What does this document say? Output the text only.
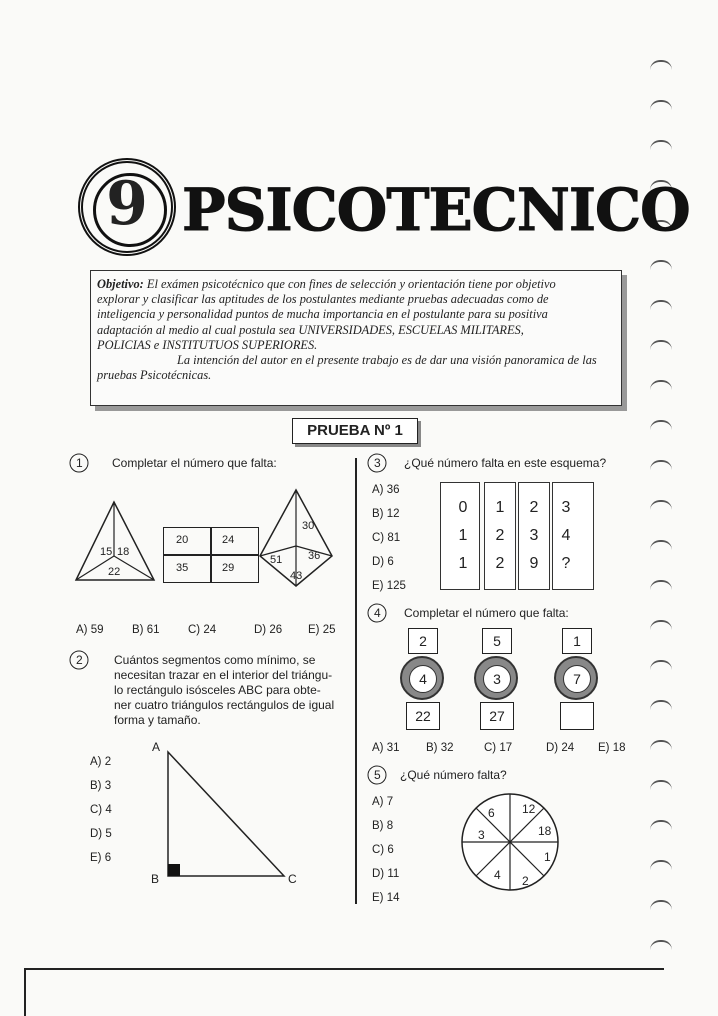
9 PSICOTECNICO
Objetivo: El exámen psicotécnico que con fines de selección y orientación tiene por objetivo
explorar y clasificar las aptitudes de los postulantes mediante pruebas adecuadas como de
inteligencia y personalidad puntos de mucha importancia en el postulante para su positiva
adaptación al medio al cual postula sea UNIVERSIDADES, ESCUELAS MILITARES,
POLICIAS e INSTITUTUOS SUPERIORES.
La intención del autor en el presente trabajo es de dar una visión panoramica de las
pruebas Psicotécnicas.
PRUEBA Nº 1
1 Completar el número que falta:
15 18
22
20	24
35	29
30
51 36
43
A) 59 B) 61 C) 24	D) 26 E) 25
2	Cuántos segmentos como mínimo, se
necesitan trazar en el interior del triángu-
lo rectángulo isósceles ABC para obte-
ner cuatro triángulos rectángulos de igual
forma y tamaño.
A) 2
B) 3
C) 4
D) 5
E) 6
A
B	C
3 ¿Qué número falta en este esquema?
A) 36
B) 12
C) 81
D) 6
E) 125
0	1	2	3
1	2	3	4
1	2	9	?
4 Completar el número que falta:
2	5	1
4	3	7
22	27
A) 31 B) 32	C) 17	D) 24 E) 18
5 ¿Qué número falta?
A) 7
B) 8
C) 6
D) 11
E) 14
6 12
18
1
2
4
3
